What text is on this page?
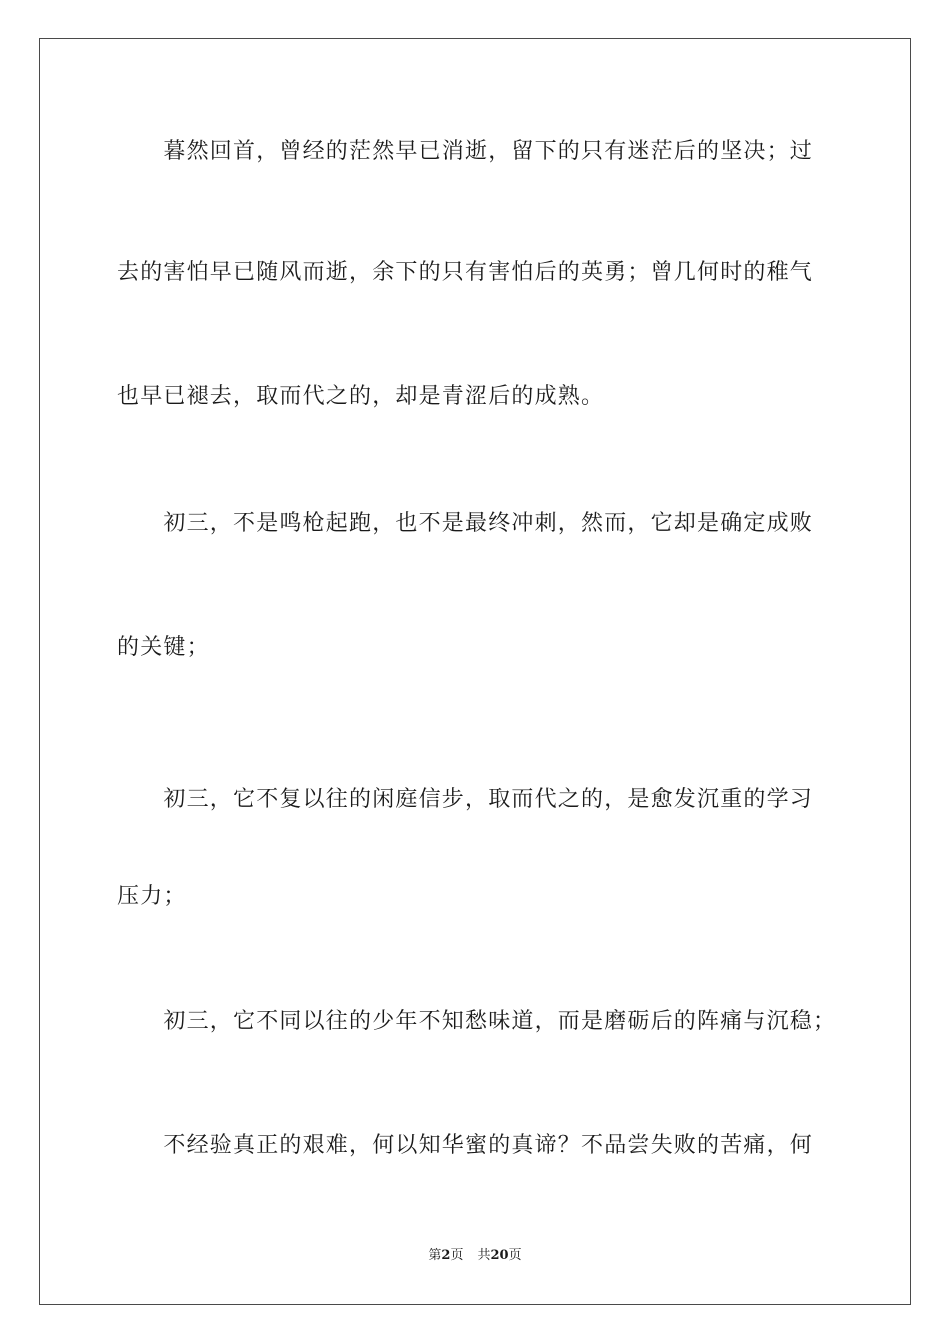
　　暮然回首，曾经的茫然早已消逝，留下的只有迷茫后的坚决；过
去的害怕早已随风而逝，余下的只有害怕后的英勇；曾几何时的稚气
也早已褪去，取而代之的，却是青涩后的成熟。
　　初三，不是鸣枪起跑，也不是最终冲刺，然而，它却是确定成败
的关键；
　　初三，它不复以往的闲庭信步，取而代之的，是愈发沉重的学习
压力；
　　初三，它不同以往的少年不知愁味道，而是磨砺后的阵痛与沉稳；
　　不经验真正的艰难，何以知华蜜的真谛？不品尝失败的苦痛，何
第2页 共20页
